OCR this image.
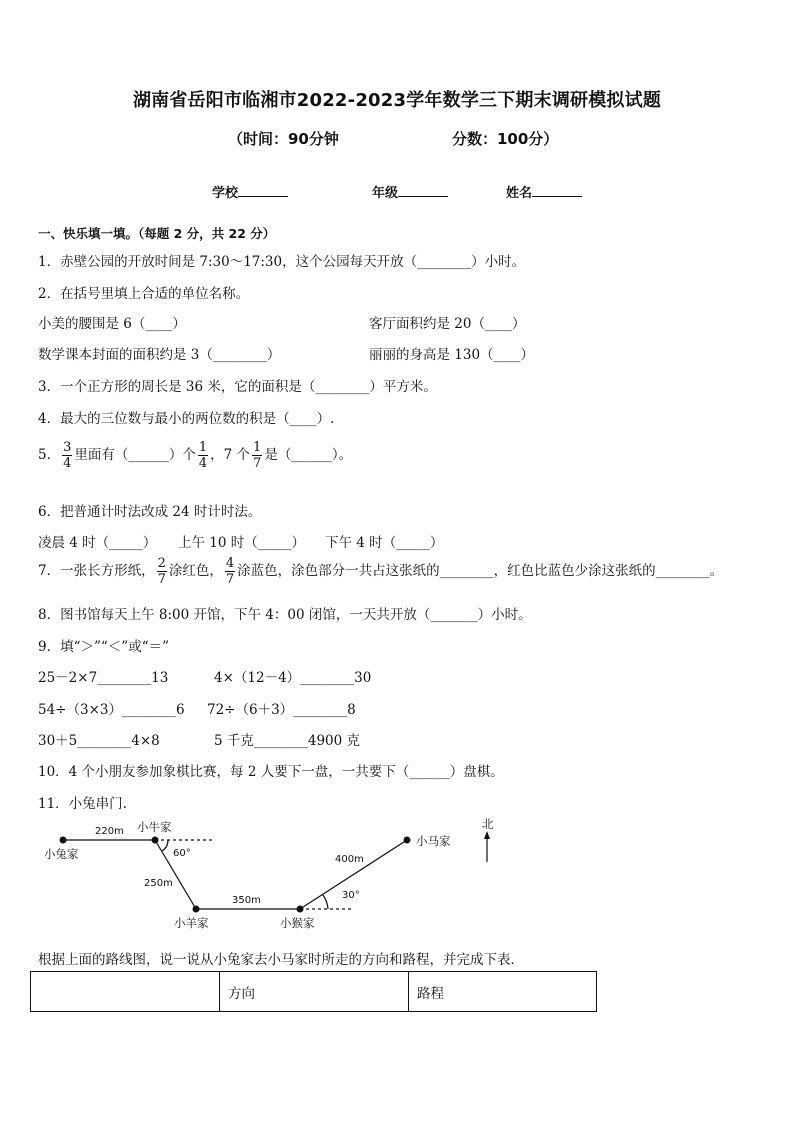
湖南省岳阳市临湘市2022-2023学年数学三下期末调研模拟试题
（时间：90分钟	分数：100分）
学校	年级	姓名
一、快乐填一填。（每题 2 分，共 22 分）
1．赤壁公园的开放时间是 7:30～17:30，这个公园每天开放（________）小时。
2．在括号里填上合适的单位名称。
小美的腰围是 6（____）	客厅面积约是 20（____）
数学课本封面的面积约是 3（________）	丽丽的身高是 130（____）
3．一个正方形的周长是 36 米，它的面积是（________）平方米。
4．最大的三位数与最小的两位数的积是（____）.
5． $\frac{3}{4}$ 里面有（______）个 $\frac{1}{4}$ ，7 个 $\frac{1}{7}$ 是（______）。
6．把普通计时法改成 24 时计时法。
凌晨 4 时（_____） 上午 10 时（_____） 下午 4 时（_____）
7．一张长方形纸， $\frac{2}{7}$ 涂红色， $\frac{4}{7}$ 涂蓝色，涂色部分一共占这张纸的________，红色比蓝色少涂这张纸的________。
8．图书馆每天上午 8:00 开馆，下午 4：00 闭馆，一天共开放（_______）小时。
9．填“＞”“＜”或“＝”
25－2×7________13	4×（12－4）________30
54÷（3×3）________6 72÷（6＋3）________8
30＋5________4×8	5 千克________4900 克
10．4 个小朋友参加象棋比赛，每 2 人要下一盘，一共要下（______）盘棋。
11．小兔串门.
小兔家
小牛家
小羊家	小猴家
小马家
北
220m
250m
350m
400m
60°
30°
根据上面的路线图，说一说从小兔家去小马家时所走的方向和路程，并完成下表．
	方向	路程
